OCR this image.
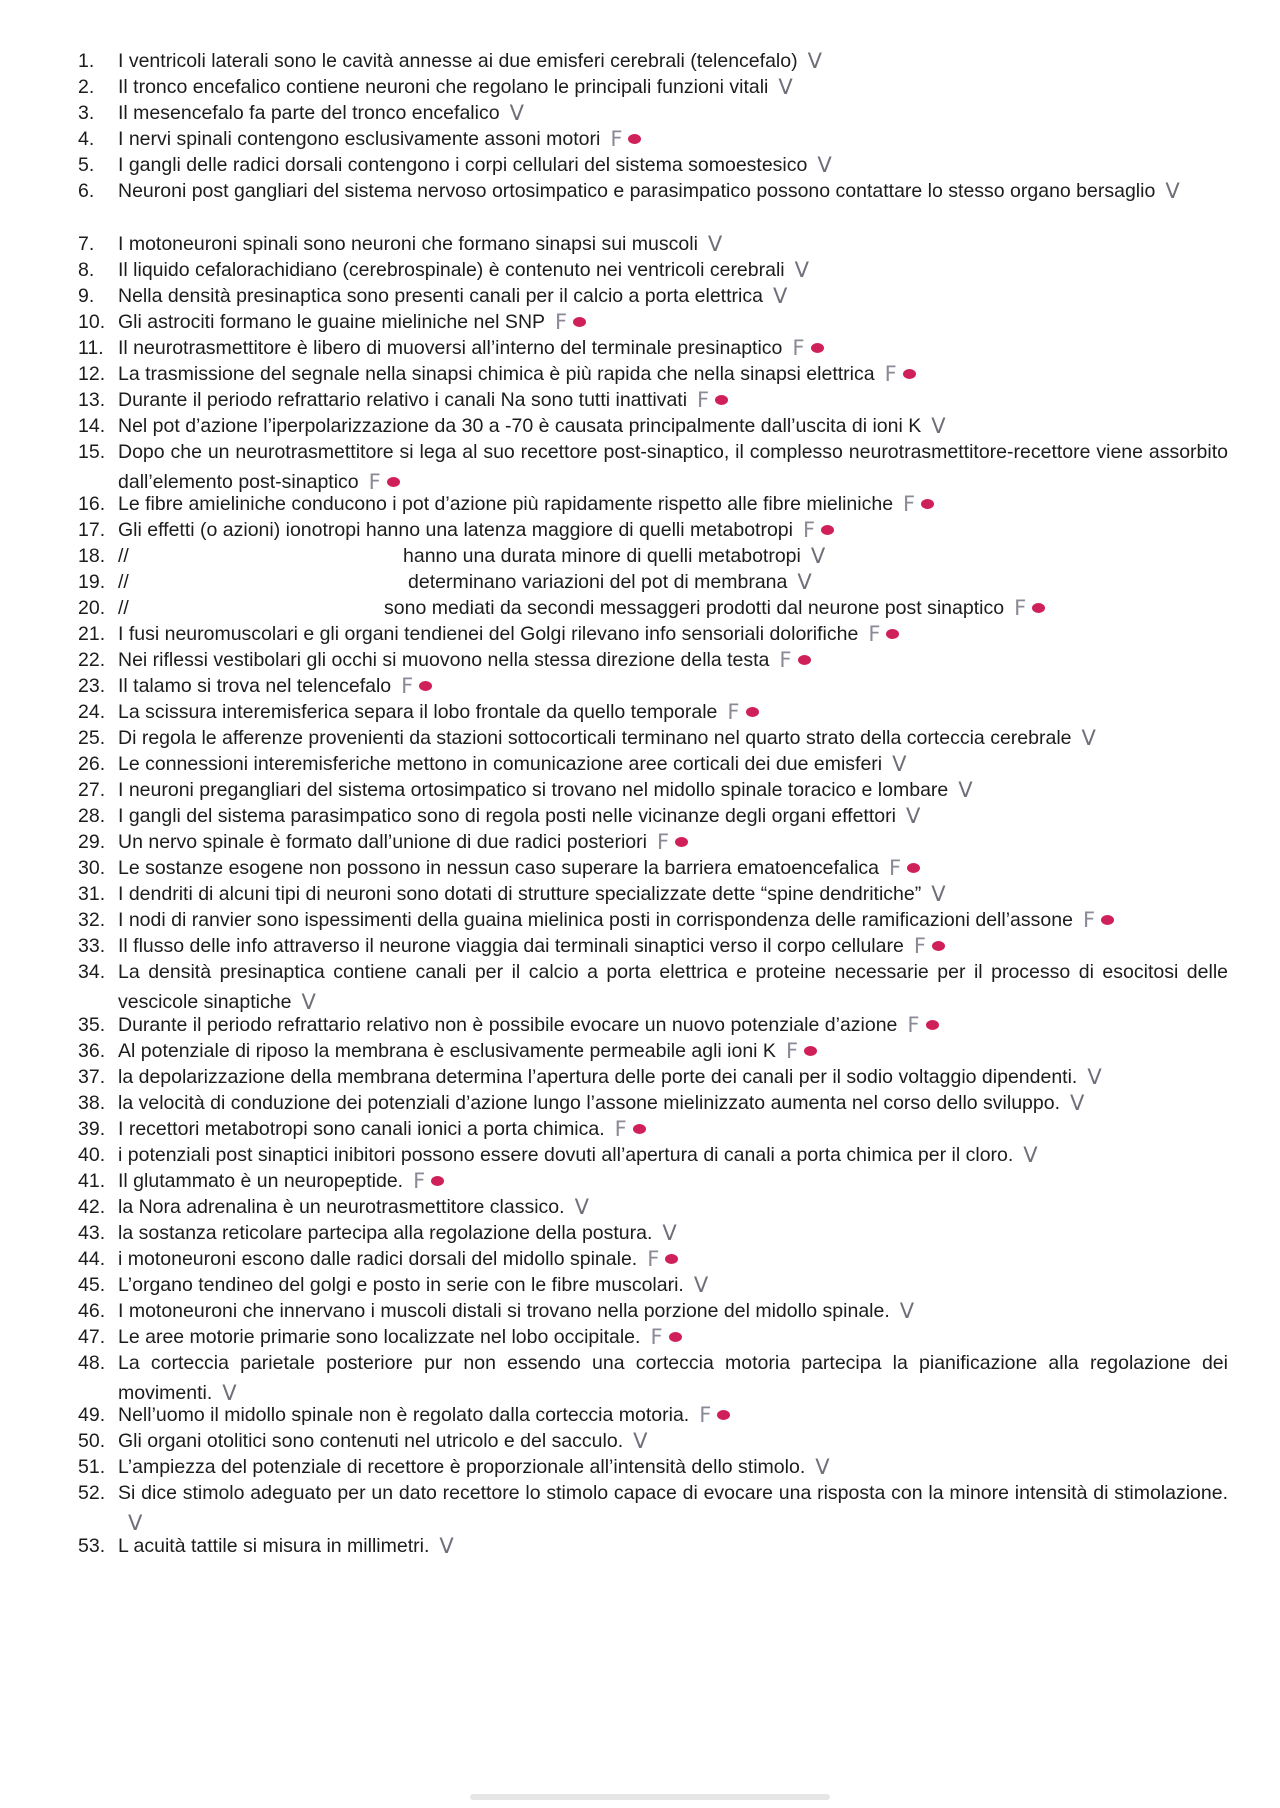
1. I ventricoli laterali sono le cavità annesse ai due emisferi cerebrali (telencefalo) V
2. Il tronco encefalico contiene neuroni che regolano le principali funzioni vitali V
3. Il mesencefalo fa parte del tronco encefalico V
4. I nervi spinali contengono esclusivamente assoni motori F
5. I gangli delle radici dorsali contengono i corpi cellulari del sistema somoestesico V
6. Neuroni post gangliari del sistema nervoso ortosimpatico e parasimpatico possono contattare lo stesso organo bersaglio V
7. I motoneuroni spinali sono neuroni che formano sinapsi sui muscoli V
8. Il liquido cefalorachidiano (cerebrospinale) è contenuto nei ventricoli cerebrali V
9. Nella densità presinaptica sono presenti canali per il calcio a porta elettrica V
10. Gli astrociti formano le guaine mieliniche nel SNP F
11. Il neurotrasmettitore è libero di muoversi all’interno del terminale presinaptico F
12. La trasmissione del segnale nella sinapsi chimica è più rapida che nella sinapsi elettrica F
13. Durante il periodo refrattario relativo i canali Na sono tutti inattivati F
14. Nel pot d’azione l’iperpolarizzazione da 30 a -70 è causata principalmente dall’uscita di ioni K V
15. Dopo che un neurotrasmettitore si lega al suo recettore post-sinaptico, il complesso neurotrasmettitore-recettore viene assorbito dall’elemento post-sinaptico F
16. Le fibre amieliniche conducono i pot d’azione più rapidamente rispetto alle fibre mieliniche F
17. Gli effetti (o azioni) ionotropi hanno una latenza maggiore di quelli metabotropi F
18. //	hanno una durata minore di quelli metabotropi V
19. //	determinano variazioni del pot di membrana V
20. //	sono mediati da secondi messaggeri prodotti dal neurone post sinaptico F
21. I fusi neuromuscolari e gli organi tendienei del Golgi rilevano info sensoriali dolorifiche F
22. Nei riflessi vestibolari gli occhi si muovono nella stessa direzione della testa F
23. Il talamo si trova nel telencefalo F
24. La scissura interemisferica separa il lobo frontale da quello temporale F
25. Di regola le afferenze provenienti da stazioni sottocorticali terminano nel quarto strato della corteccia cerebrale V
26. Le connessioni interemisferiche mettono in comunicazione aree corticali dei due emisferi V
27. I neuroni pregangliari del sistema ortosimpatico si trovano nel midollo spinale toracico e lombare V
28. I gangli del sistema parasimpatico sono di regola posti nelle vicinanze degli organi effettori V
29. Un nervo spinale è formato dall’unione di due radici posteriori F
30. Le sostanze esogene non possono in nessun caso superare la barriera ematoencefalica F
31. I dendriti di alcuni tipi di neuroni sono dotati di strutture specializzate dette “spine dendritiche” V
32. I nodi di ranvier sono ispessimenti della guaina mielinica posti in corrispondenza delle ramificazioni dell’assone F
33. Il flusso delle info attraverso il neurone viaggia dai terminali sinaptici verso il corpo cellulare F
34. La densità presinaptica contiene canali per il calcio a porta elettrica e proteine necessarie per il processo di esocitosi delle vescicole sinaptiche V
35. Durante il periodo refrattario relativo non è possibile evocare un nuovo potenziale d’azione F
36. Al potenziale di riposo la membrana è esclusivamente permeabile agli ioni K F
37. la depolarizzazione della membrana determina l’apertura delle porte dei canali per il sodio voltaggio dipendenti. V
38. la velocità di conduzione dei potenziali d’azione lungo l’assone mielinizzato aumenta nel corso dello sviluppo. V
39. I recettori metabotropi sono canali ionici a porta chimica. F
40. i potenziali post sinaptici inibitori possono essere dovuti all’apertura di canali a porta chimica per il cloro. V
41. Il glutammato è un neuropeptide. F
42. la Nora adrenalina è un neurotrasmettitore classico. V
43. la sostanza reticolare partecipa alla regolazione della postura. V
44. i motoneuroni escono dalle radici dorsali del midollo spinale. F
45. L’organo tendineo del golgi e posto in serie con le fibre muscolari. V
46. I motoneuroni che innervano i muscoli distali si trovano nella porzione del midollo spinale. V
47. Le aree motorie primarie sono localizzate nel lobo occipitale. F
48. La corteccia parietale posteriore pur non essendo una corteccia motoria partecipa la pianificazione alla regolazione dei movimenti. V
49. Nell’uomo il midollo spinale non è regolato dalla corteccia motoria. F
50. Gli organi otolitici sono contenuti nel utricolo e del sacculo. V
51. L’ampiezza del potenziale di recettore è proporzionale all’intensità dello stimolo. V
52. Si dice stimolo adeguato per un dato recettore lo stimolo capace di evocare una risposta con la minore intensità di stimolazione.V
53. L acuità tattile si misura in millimetri. V
